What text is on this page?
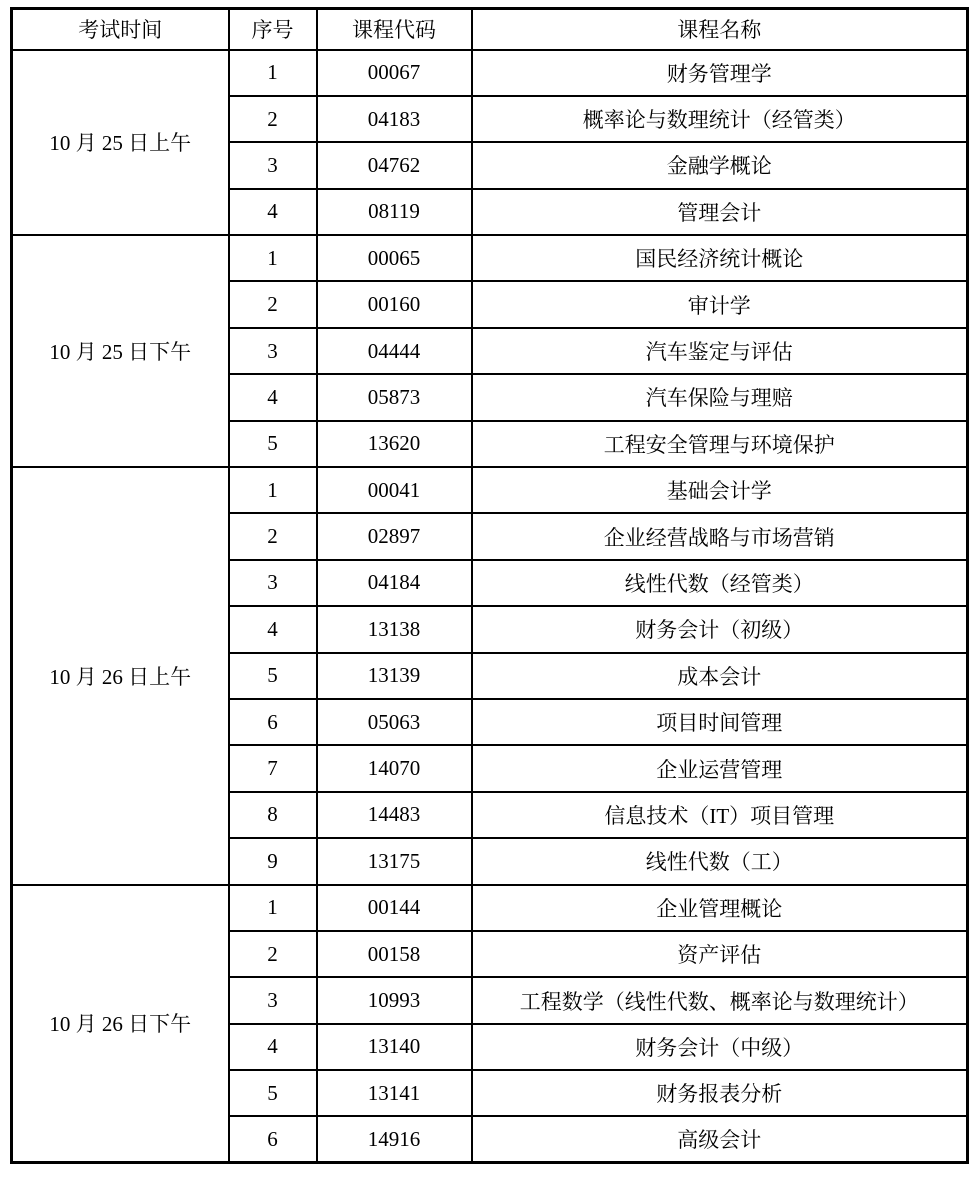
考试时间	序号	课程代码	课程名称
10 月 25 日上午	1	00067	财务管理学
	2	04183	概率论与数理统计（经管类）
	3	04762	金融学概论
	4	08119	管理会计
10 月 25 日下午	1	00065	国民经济统计概论
	2	00160	审计学
	3	04444	汽车鉴定与评估
	4	05873	汽车保险与理赔
	5	13620	工程安全管理与环境保护
10 月 26 日上午	1	00041	基础会计学
	2	02897	企业经营战略与市场营销
	3	04184	线性代数（经管类）
	4	13138	财务会计（初级）
	5	13139	成本会计
	6	05063	项目时间管理
	7	14070	企业运营管理
	8	14483	信息技术（IT）项目管理
	9	13175	线性代数（工）
10 月 26 日下午	1	00144	企业管理概论
	2	00158	资产评估
	3	10993	工程数学（线性代数、概率论与数理统计）
	4	13140	财务会计（中级）
	5	13141	财务报表分析
	6	14916	高级会计
